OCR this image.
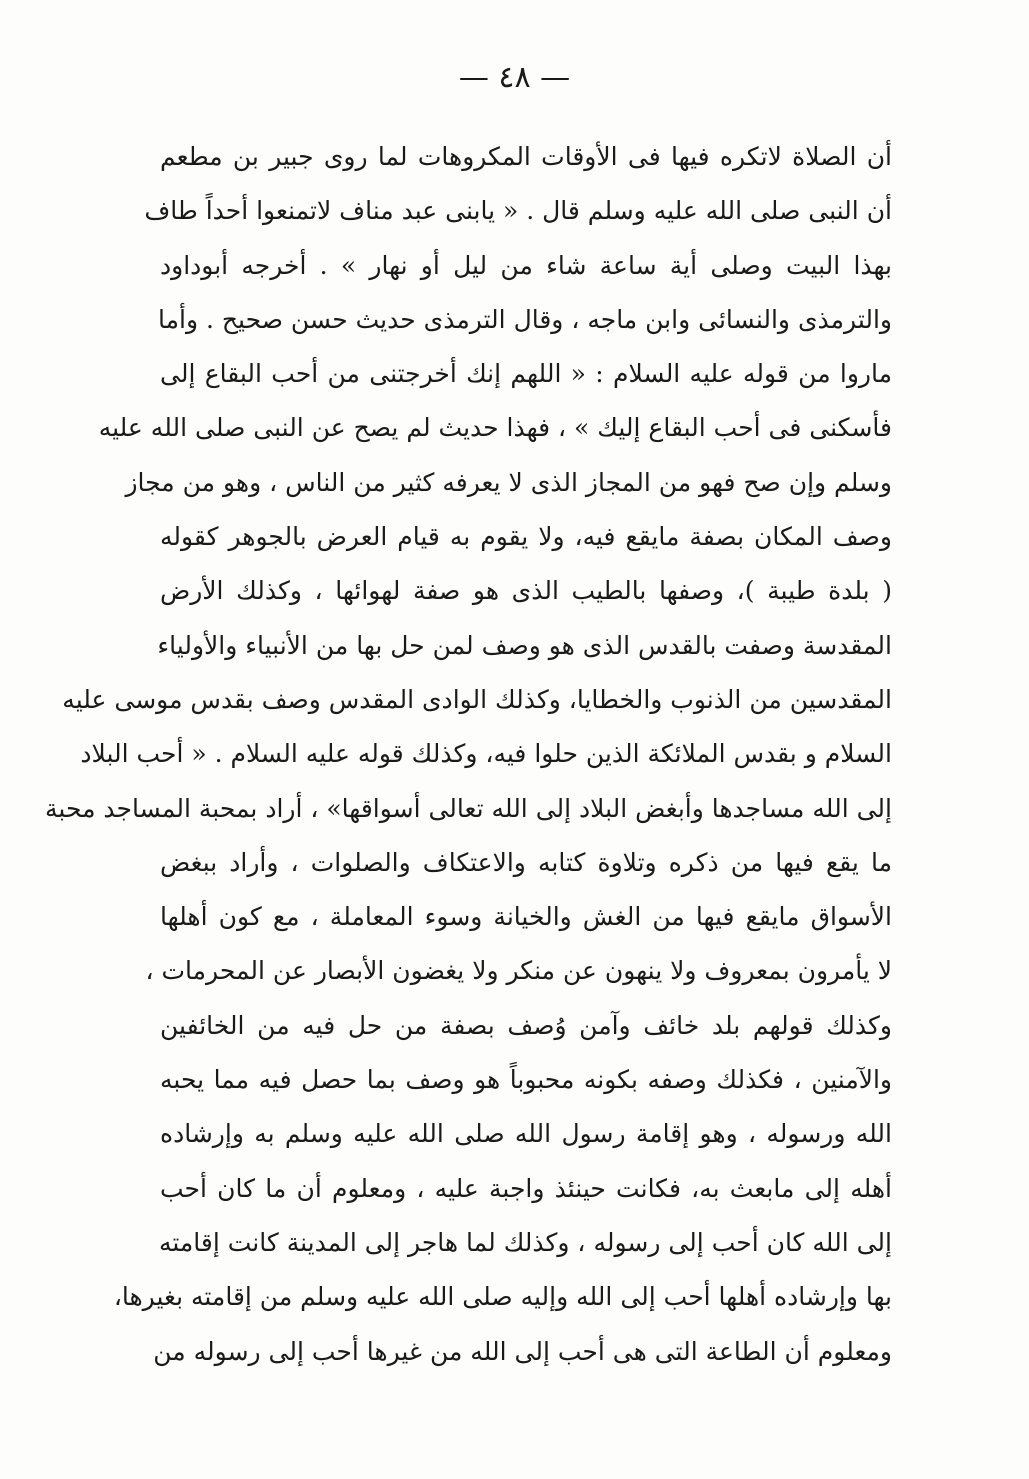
— ٤٨ —
أن الصلاة لاتكره فيها فى الأوقات المكروهات لما روى جبير بن مطعم
أن النبى صلى الله عليه وسلم قال . « يابنى عبد مناف لاتمنعوا أحداً طاف
بهذا البيت وصلى أية ساعة شاء من ليل أو نهار » . أخرجه أبوداود
والترمذى والنسائى وابن ماجه ، وقال الترمذى حديث حسن صحيح . وأما
ماروا من قوله عليه السلام : « اللهم إنك أخرجتنى من أحب البقاع إلى
فأسكنى فى أحب البقاع إليك » ، فهذا حديث لم يصح عن النبى صلى الله عليه
وسلم وإن صح فهو من المجاز الذى لا يعرفه كثير من الناس ، وهو من مجاز
وصف المكان بصفة مايقع فيه، ولا يقوم به قيام العرض بالجوهر كقوله
( بلدة طيبة )، وصفها بالطيب الذى هو صفة لهوائها ، وكذلك الأرض
المقدسة وصفت بالقدس الذى هو وصف لمن حل بها من الأنبياء والأولياء
المقدسين من الذنوب والخطايا، وكذلك الوادى المقدس وصف بقدس موسى عليه
السلام و بقدس الملائكة الذين حلوا فيه، وكذلك قوله عليه السلام . « أحب البلاد
إلى الله مساجدها وأبغض البلاد إلى الله تعالى أسواقها» ، أراد بمحبة المساجد محبة
ما يقع فيها من ذكره وتلاوة كتابه والاعتكاف والصلوات ، وأراد ببغض
الأسواق مايقع فيها من الغش والخيانة وسوء المعاملة ، مع كون أهلها
لا يأمرون بمعروف ولا ينهون عن منكر ولا يغضون الأبصار عن المحرمات ،
وكذلك قولهم بلد خائف وآمن وُصف بصفة من حل فيه من الخائفين
والآمنين ، فكذلك وصفه بكونه محبوباً هو وصف بما حصل فيه مما يحبه
الله ورسوله ، وهو إقامة رسول الله صلى الله عليه وسلم به وإرشاده
أهله إلى مابعث به، فكانت حينئذ واجبة عليه ، ومعلوم أن ما كان أحب
إلى الله كان أحب إلى رسوله ، وكذلك لما هاجر إلى المدينة كانت إقامته
بها وإرشاده أهلها أحب إلى الله وإليه صلى الله عليه وسلم من إقامته بغيرها،
ومعلوم أن الطاعة التى هى أحب إلى الله من غيرها أحب إلى رسوله من
